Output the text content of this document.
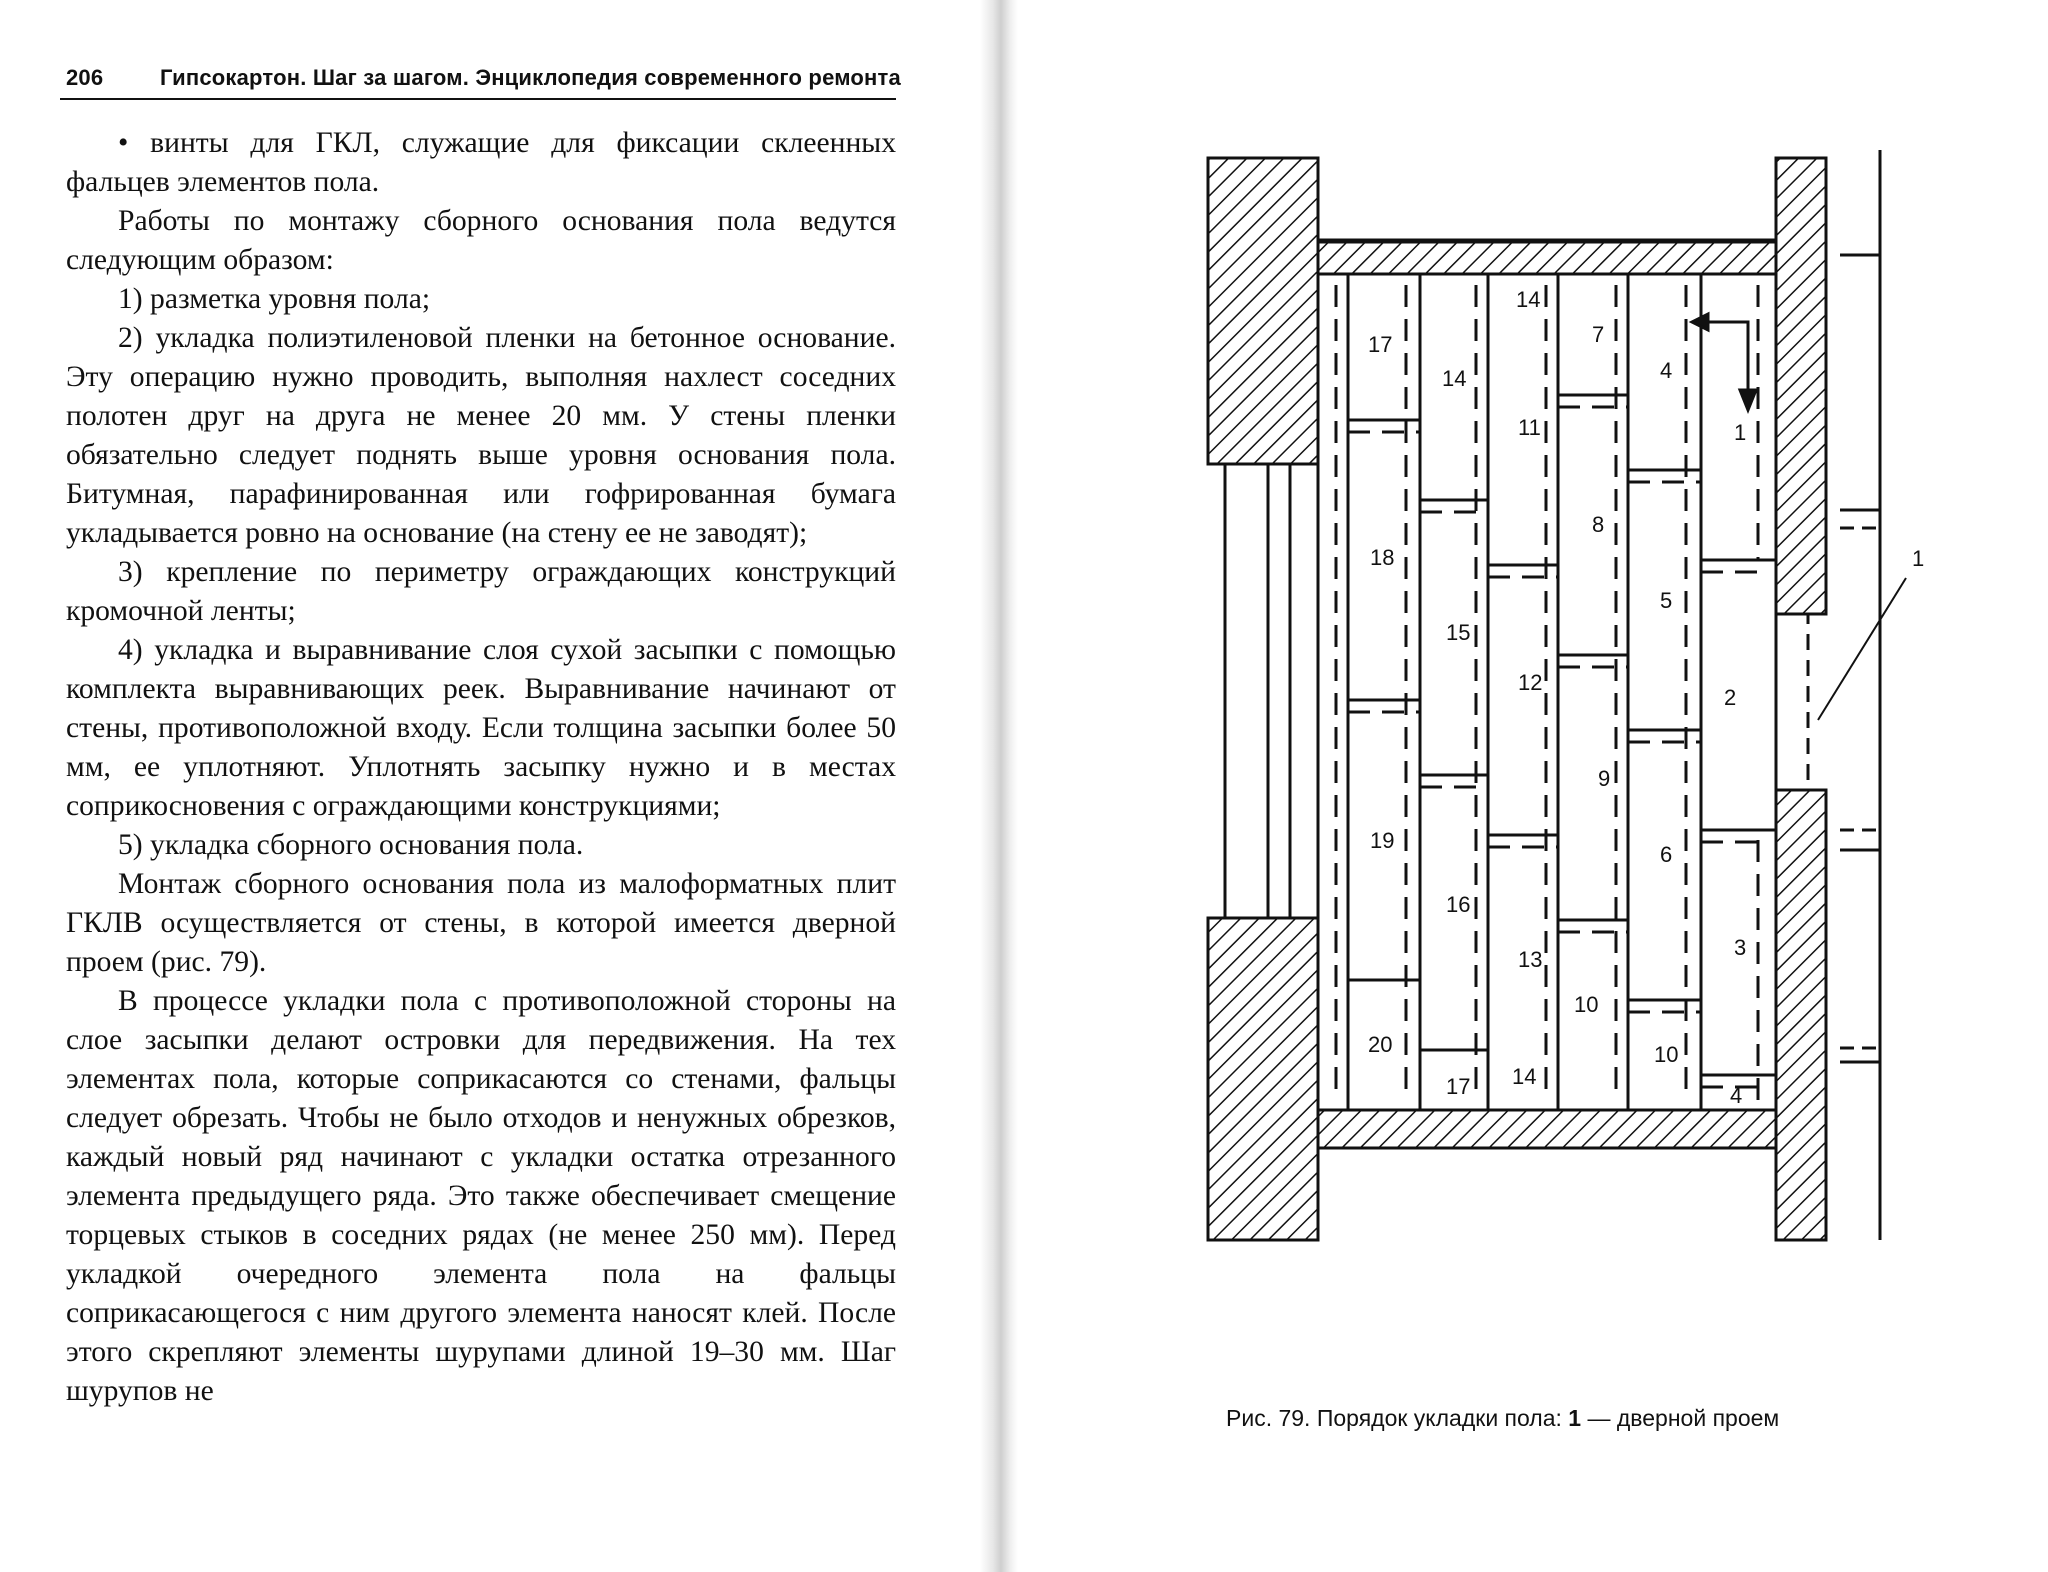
206	Гипсокартон. Шаг за шагом. Энциклопедия современного ремонта

• винты для ГКЛ, служащие для фиксации склеенных фальцев элементов пола.

Работы по монтажу сборного основания пола ведутся следующим образом:

1) разметка уровня пола;

2) укладка полиэтиленовой пленки на бетонное основание. Эту операцию нужно проводить, выполняя нахлест соседних полотен друг на друга не менее 20 мм. У стены пленки обязательно следует поднять выше уровня основания пола. Битумная, парафинированная или гофрированная бумага укладывается ровно на основание (на стену ее не заводят);

3) крепление по периметру ограждающих конструкций кромочной ленты;

4) укладка и выравнивание слоя сухой засыпки с помощью комплекта выравнивающих реек. Выравнивание начинают от стены, противоположной входу. Если толщина засыпки более 50 мм, ее уплотняют. Уплотнять засыпку нужно и в местах соприкосновения с ограждающими конструкциями;

5) укладка сборного основания пола.

Монтаж сборного основания пола из малоформатных плит ГКЛВ осуществляется от стены, в которой имеется дверной проем (рис. 79).

В процессе укладки пола с противоположной стороны на слое засыпки делают островки для передвижения. На тех элементах пола, которые соприкасаются со стенами, фальцы следует обрезать. Чтобы не было отходов и ненужных обрезков, каждый новый ряд начинают с укладки остатка отрезанного элемента предыдущего ряда. Это также обеспечивает смещение торцевых стыков в соседних рядах (не менее 250 мм). Перед укладкой очередного элемента пола на фальцы соприкасающегося с ним другого элемента наносят клей. После этого скрепляют элементы шурупами длиной 19–30 мм. Шаг шурупов не

1
1
2
3
4
4
5
6
10
7
8
9
10
14
11
12
13
14
14
15
16
17
17
18
19
20
Рис. 79. Порядок укладки пола: 1 — дверной проем
